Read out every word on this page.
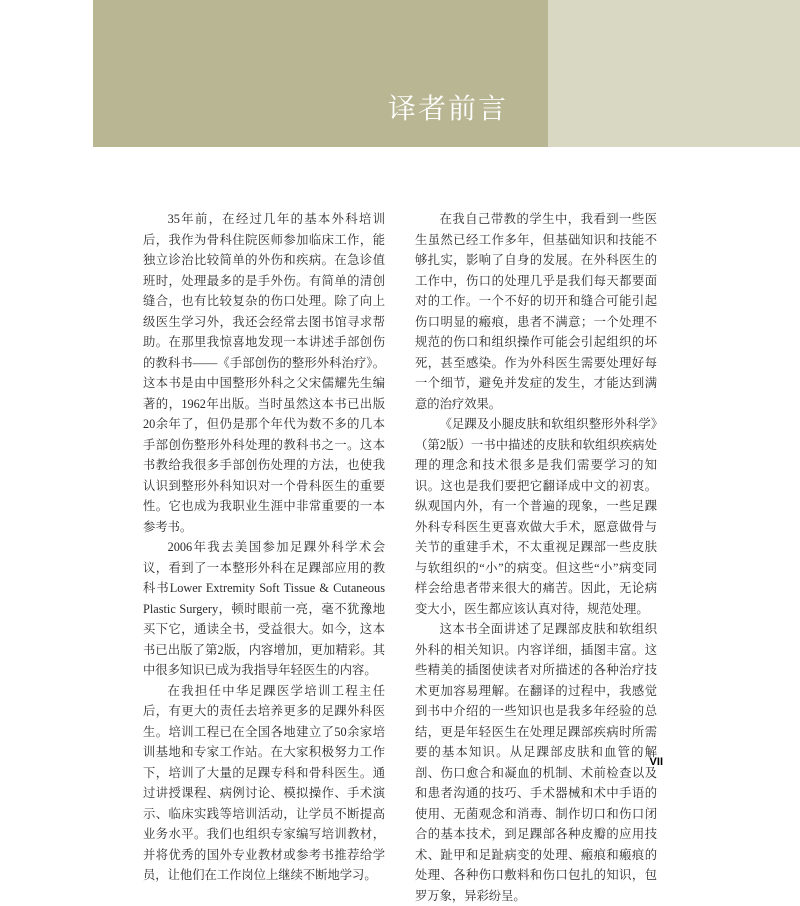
译者前言

35年前，在经过几年的基本外科培训后，我作为骨科住院医师参加临床工作，能独立诊治比较简单的外伤和疾病。在急诊值班时，处理最多的是手外伤。有简单的清创缝合，也有比较复杂的伤口处理。除了向上级医生学习外，我还会经常去图书馆寻求帮助。在那里我惊喜地发现一本讲述手部创伤的教科书——《手部创伤的整形外科治疗》。这本书是由中国整形外科之父宋儒耀先生编著的，1962年出版。当时虽然这本书已出版20余年了，但仍是那个年代为数不多的几本手部创伤整形外科处理的教科书之一。这本书教给我很多手部创伤处理的方法，也使我认识到整形外科知识对一个骨科医生的重要性。它也成为我职业生涯中非常重要的一本参考书。

2006年我去美国参加足踝外科学术会议，看到了一本整形外科在足踝部应用的教科书Lower Extremity Soft Tissue & Cutaneous Plastic Surgery，顿时眼前一亮，毫不犹豫地买下它，通读全书，受益很大。如今，这本书已出版了第2版，内容增加，更加精彩。其中很多知识已成为我指导年轻医生的内容。

在我担任中华足踝医学培训工程主任后，有更大的责任去培养更多的足踝外科医生。培训工程已在全国各地建立了50余家培训基地和专家工作站。在大家积极努力工作下，培训了大量的足踝专科和骨科医生。通过讲授课程、病例讨论、模拟操作、手术演示、临床实践等培训活动，让学员不断提高业务水平。我们也组织专家编写培训教材，并将优秀的国外专业教材或参考书推荐给学员，让他们在工作岗位上继续不断地学习。

在我自己带教的学生中，我看到一些医生虽然已经工作多年，但基础知识和技能不够扎实，影响了自身的发展。在外科医生的工作中，伤口的处理几乎是我们每天都要面对的工作。一个不好的切开和缝合可能引起伤口明显的瘢痕，患者不满意；一个处理不规范的伤口和组织操作可能会引起组织的坏死，甚至感染。作为外科医生需要处理好每一个细节，避免并发症的发生，才能达到满意的治疗效果。

《足踝及小腿皮肤和软组织整形外科学》（第2版）一书中描述的皮肤和软组织疾病处理的理念和技术很多是我们需要学习的知识。这也是我们要把它翻译成中文的初衷。纵观国内外，有一个普遍的现象，一些足踝外科专科医生更喜欢做大手术，愿意做骨与关节的重建手术，不太重视足踝部一些皮肤与软组织的“小”的病变。但这些“小”病变同样会给患者带来很大的痛苦。因此，无论病变大小，医生都应该认真对待，规范处理。

这本书全面讲述了足踝部皮肤和软组织外科的相关知识。内容详细，插图丰富。这些精美的插图使读者对所描述的各种治疗技术更加容易理解。在翻译的过程中，我感觉到书中介绍的一些知识也是我多年经验的总结，更是年轻医生在处理足踝部疾病时所需要的基本知识。从足踝部皮肤和血管的解剖、伤口愈合和凝血的机制、术前检查以及和患者沟通的技巧、手术器械和术中手语的使用、无菌观念和消毒、制作切口和伤口闭合的基本技术，到足踝部各种皮瓣的应用技术、趾甲和足趾病变的处理、瘢痕和瘢痕的处理、各种伤口敷料和伤口包扎的知识，包罗万象，异彩纷呈。

VII
